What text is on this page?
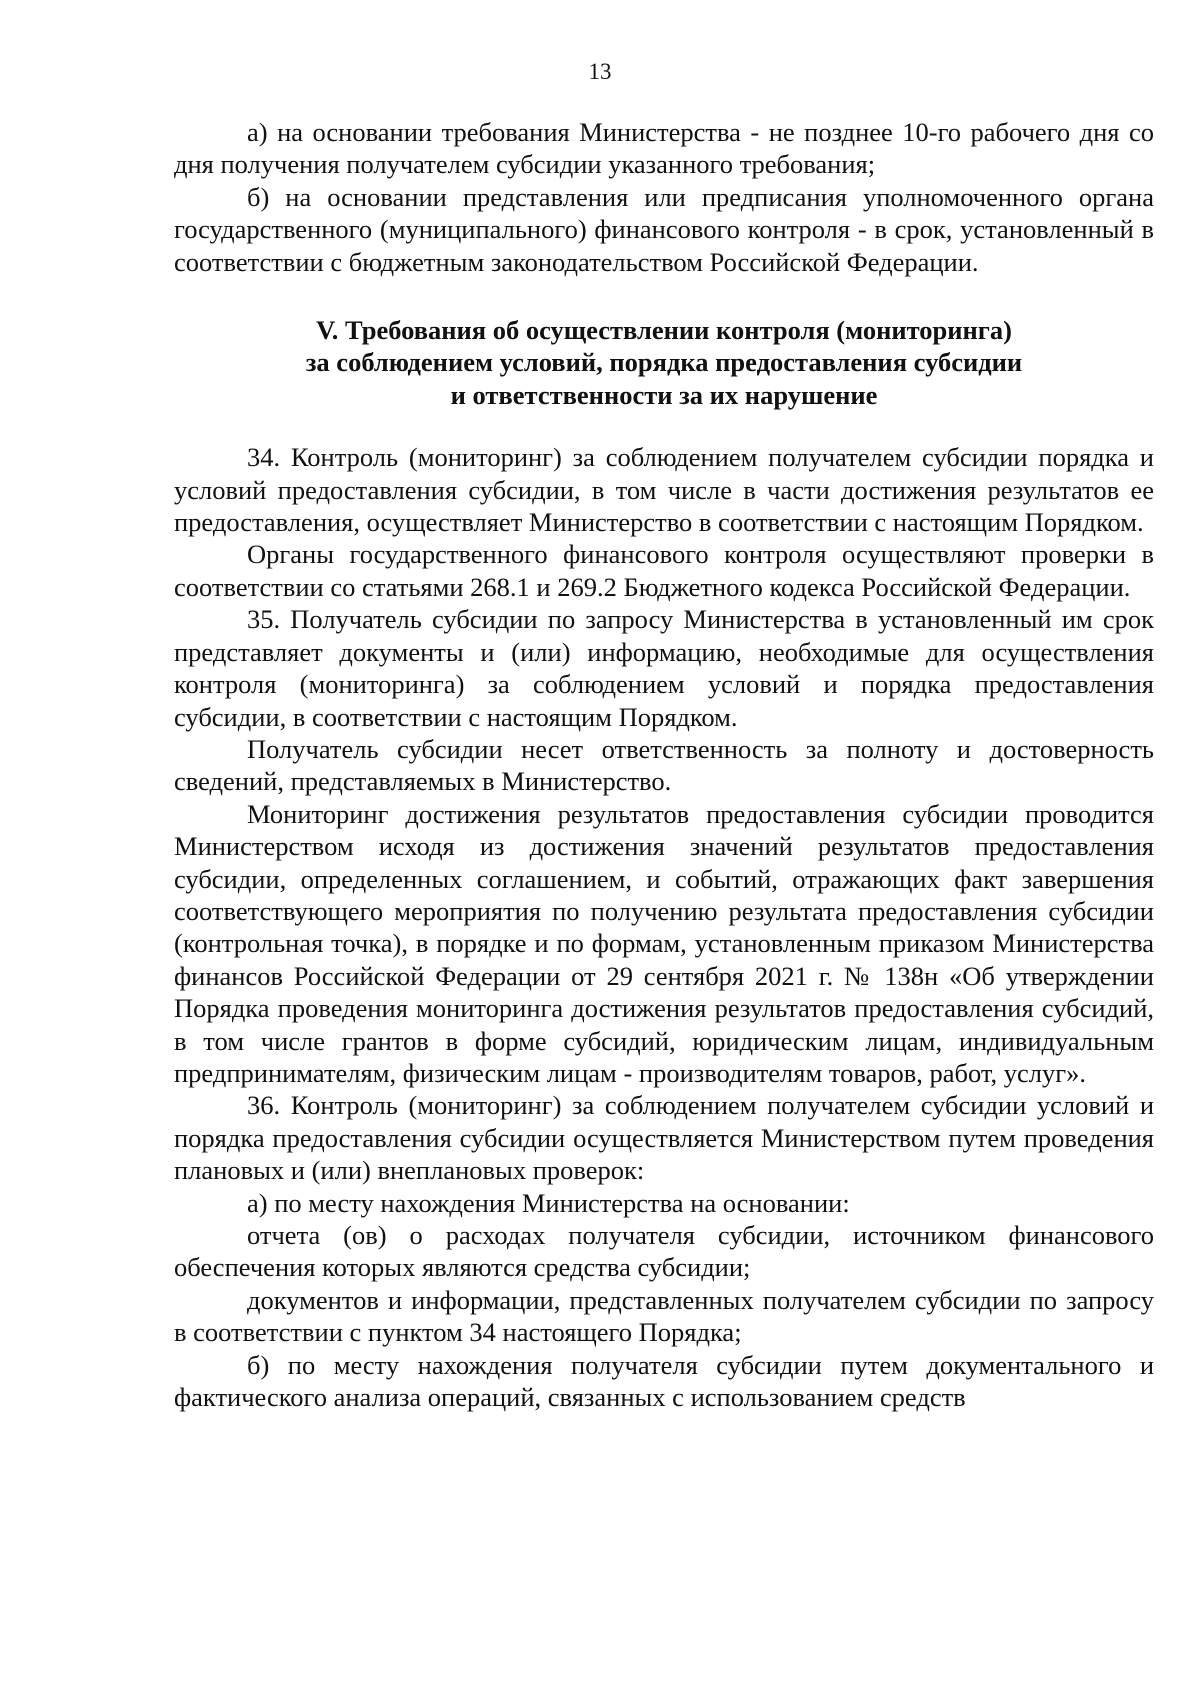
13

а) на основании требования Министерства - не позднее 10-го рабочего дня со дня получения получателем субсидии указанного требования;

б) на основании представления или предписания уполномоченного органа государственного (муниципального) финансового контроля - в срок, установленный в соответствии с бюджетным законодательством Российской Федерации.

V. Требования об осуществлении контроля (мониторинга)
за соблюдением условий, порядка предоставления субсидии
и ответственности за их нарушение

34. Контроль (мониторинг) за соблюдением получателем субсидии порядка и условий предоставления субсидии, в том числе в части достижения результатов ее предоставления, осуществляет Министерство в соответствии с настоящим Порядком.

Органы государственного финансового контроля осуществляют проверки в соответствии со статьями 268.1 и 269.2 Бюджетного кодекса Российской Федерации.

35. Получатель субсидии по запросу Министерства в установленный им срок представляет документы и (или) информацию, необходимые для осуществления контроля (мониторинга) за соблюдением условий и порядка предоставления субсидии, в соответствии с настоящим Порядком.

Получатель субсидии несет ответственность за полноту и достоверность сведений, представляемых в Министерство.

Мониторинг достижения результатов предоставления субсидии проводится Министерством исходя из достижения значений результатов предоставления субсидии, определенных соглашением, и событий, отражающих факт завершения соответствующего мероприятия по получению результата предоставления субсидии (контрольная точка), в порядке и по формам, установленным приказом Министерства финансов Российской Федерации от 29 сентября 2021 г. № 138н «Об утверждении Порядка проведения мониторинга достижения результатов предоставления субсидий, в том числе грантов в форме субсидий, юридическим лицам, индивидуальным предпринимателям, физическим лицам - производителям товаров, работ, услуг».

36. Контроль (мониторинг) за соблюдением получателем субсидии условий и порядка предоставления субсидии осуществляется Министерством путем проведения плановых и (или) внеплановых проверок:

а) по месту нахождения Министерства на основании:

отчета (ов) о расходах получателя субсидии, источником финансового обеспечения которых являются средства субсидии;

документов и информации, представленных получателем субсидии по запросу в соответствии с пунктом 34 настоящего Порядка;

б) по месту нахождения получателя субсидии путем документального и фактического анализа операций, связанных с использованием средств
